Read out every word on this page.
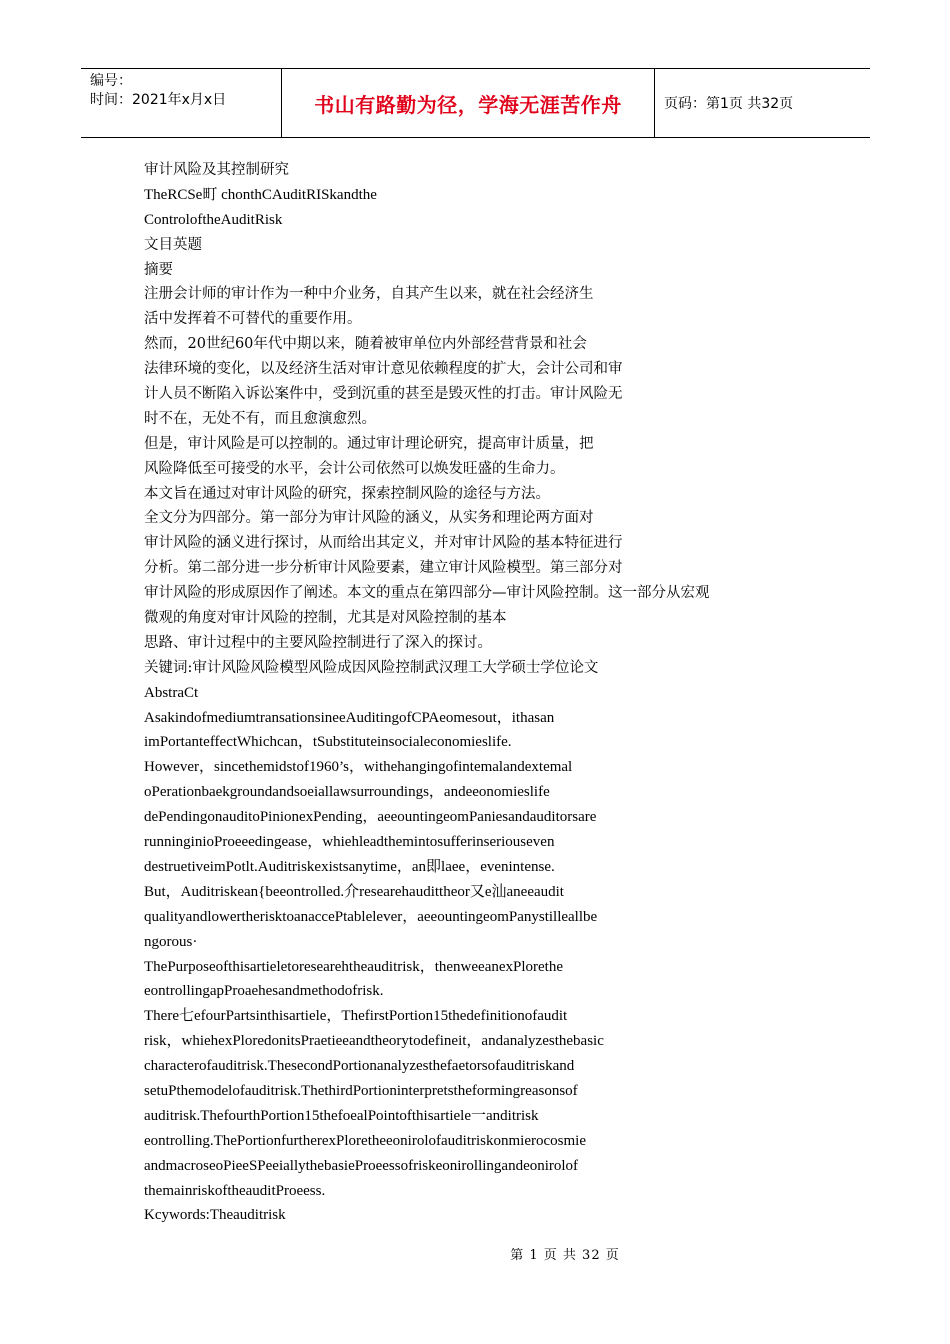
编号：
时间：2021年x月x日	书山有路勤为径，学海无涯苦作舟	页码：第1页 共32页
审计风险及其控制研究
TheRCSe町 chonthCAuditRISkandthe
ControloftheAuditRisk
文目英题
摘要
注册会计师的审计作为一种中介业务，自其产生以来，就在社会经济生
活中发挥着不可替代的重要作用。
然而，20世纪60年代中期以来，随着被审单位内外部经营背景和社会
法律环境的变化，以及经济生活对审计意见依赖程度的扩大，会计公司和审
计人员不断陷入诉讼案件中，受到沉重的甚至是毁灭性的打击。审计风险无
时不在，无处不有，而且愈演愈烈。
但是，审计风险是可以控制的。通过审计理论研究，提高审计质量，把
风险降低至可接受的水平，会计公司依然可以焕发旺盛的生命力。
本文旨在通过对审计风险的研究，探索控制风险的途径与方法。
全文分为四部分。第一部分为审计风险的涵义，从实务和理论两方面对
审计风险的涵义进行探讨，从而给出其定义，并对审计风险的基本特征进行
分析。第二部分进一步分析审计风险要素，建立审计风险模型。第三部分对
审计风险的形成原因作了阐述。本文的重点在第四部分—审计风险控制。这一部分从宏观
微观的角度对审计风险的控制，尤其是对风险控制的基本
思路、审计过程中的主要风险控制进行了深入的探讨。
关键词:审计风险风险模型风险成因风险控制武汉理工大学硕士学位论文
AbstraCt
AsakindofmediumtransationsineeAuditingofCPAeomesout，ithasan
imPortanteffectWhichcan，tSubstituteinsocialeconomieslife.
However，sincethemidstof1960’s，withehangingofintemalandextemal
oPerationbaekgroundandsoeiallawsurroundings，andeeonomieslife
dePendingonauditoPinionexPending，aeeountingeomPaniesandauditorsare
runninginioProeeedingease，whiehleadthemintosufferinseriouseven
destruetiveimPotlt.Auditriskexistsanytime，an即laee，evenintense.
But，Auditriskean{beeontrolled.介researehaudittheor又e汕aneeaudit
qualityandlowertherisktoanaccePtablelever，aeeountingeomPanystilleallbe
ngorous·
ThePurposeofthisartieletoresearehtheauditrisk，thenweeanexPlorethe
eontrollingapProaehesandmethodofrisk.
There七efourPartsinthisartiele，ThefirstPortion15thedefinitionofaudit
risk，whiehexPloredonitsPraetieeandtheorytodefineit，andanalyzesthebasic
characterofauditrisk.ThesecondPortionanalyzesthefaetorsofauditriskand
setuPthemodelofauditrisk.ThethirdPortioninterpretstheformingreasonsof
auditrisk.ThefourthPortion15thefoealPointofthisartiele一anditrisk
eontrolling.ThePortionfurtherexPloretheeonirolofauditriskonmierocosmie
andmacroseoPieeSPeeiallythebasieProeessofriskeonirollingandeonirolof
themainriskoftheauditProeess.
Kcywords:Theauditrisk
第 1 页 共 32 页
